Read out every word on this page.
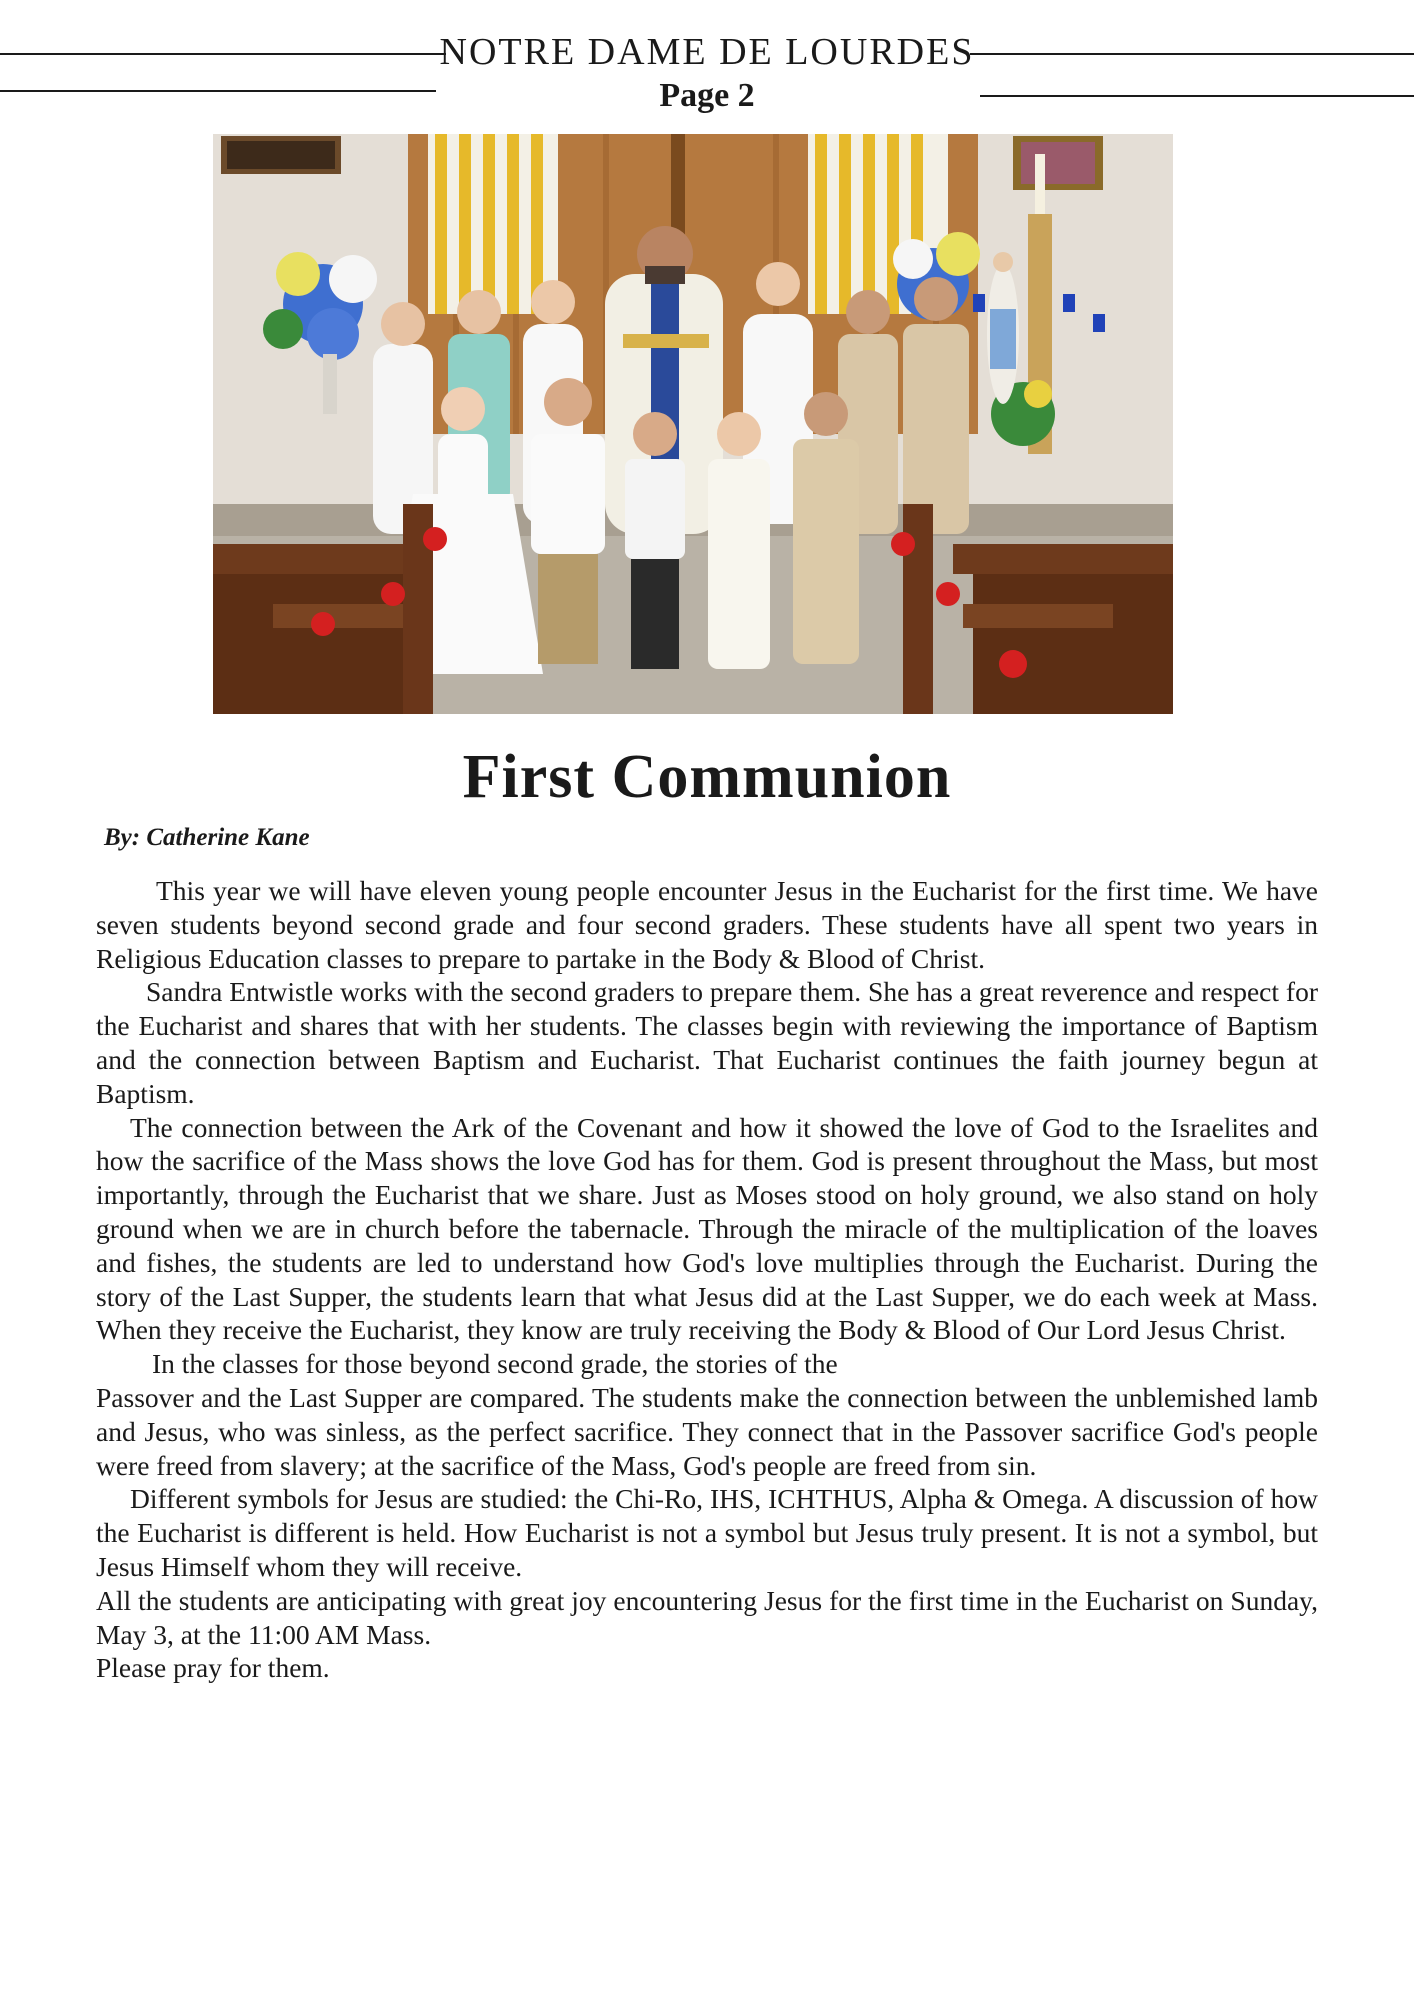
NOTRE DAME DE LOURDES
Page 2
First Communion
By: Catherine Kane

This year we will have eleven young people encounter Jesus in the Eucharist for the first time. We have seven students beyond second grade and four second graders. These students have all spent two years in Religious Education classes to prepare to partake in the Body & Blood of Christ.

Sandra Entwistle works with the second graders to prepare them. She has a great reverence and respect for the Eucharist and shares that with her students. The classes begin with reviewing the importance of Baptism and the connection between Baptism and Eucharist. That Eucharist continues the faith journey begun at Baptism.

The connection between the Ark of the Covenant and how it showed the love of God to the Israelites and how the sacrifice of the Mass shows the love God has for them. God is present throughout the Mass, but most importantly, through the Eucharist that we share. Just as Moses stood on holy ground, we also stand on holy ground when we are in church before the tabernacle. Through the miracle of the multiplication of the loaves and fishes, the students are led to understand how God's love multiplies through the Eucharist. During the story of the Last Supper, the students learn that what Jesus did at the Last Supper, we do each week at Mass. When they receive the Eucharist, they know are truly receiving the Body & Blood of Our Lord Jesus Christ.

In the classes for those beyond second grade, the stories of the

Passover and the Last Supper are compared. The students make the connection between the unblemished lamb and Jesus, who was sinless, as the perfect sacrifice. They connect that in the Passover sacrifice God's people were freed from slavery; at the sacrifice of the Mass, God's people are freed from sin.

Different symbols for Jesus are studied: the Chi-Ro, IHS, ICHTHUS, Alpha & Omega. A discussion of how the Eucharist is different is held. How Eucharist is not a symbol but Jesus truly present. It is not a symbol, but Jesus Himself whom they will receive.

All the students are anticipating with great joy encountering Jesus for the first time in the Eucharist on Sunday, May 3, at the 11:00 AM Mass.

Please pray for them.
